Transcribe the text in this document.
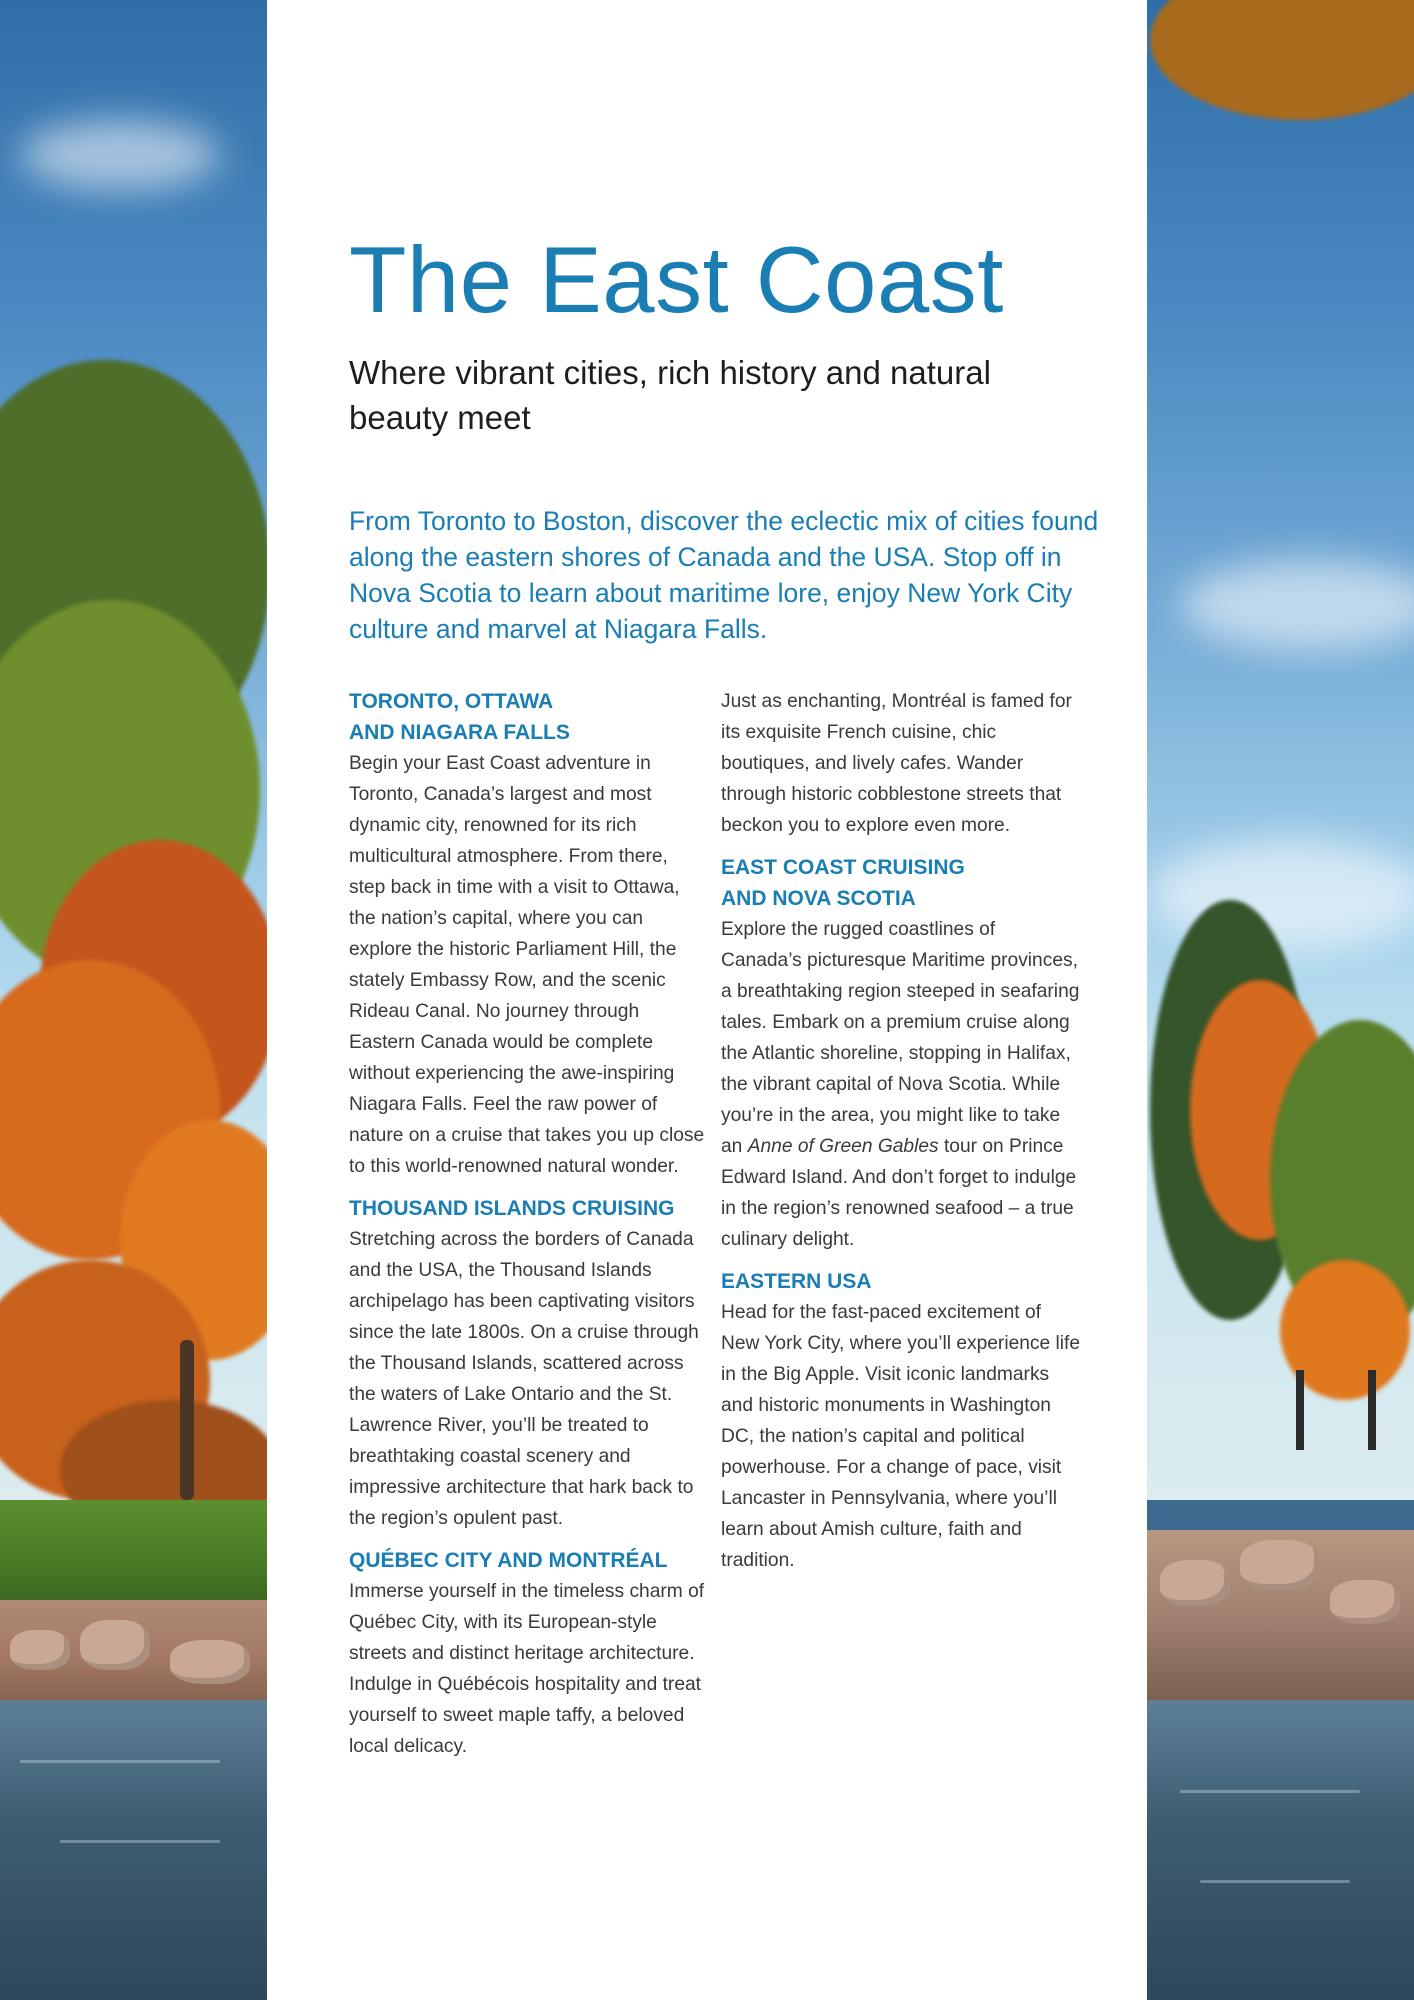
The East Coast
Where vibrant cities, rich history and natural beauty meet

From Toronto to Boston, discover the eclectic mix of cities found along the eastern shores of Canada and the USA. Stop off in Nova Scotia to learn about maritime lore, enjoy New York City culture and marvel at Niagara Falls.

TORONTO, OTTAWA
AND NIAGARA FALLS

Begin your East Coast adventure in Toronto, Canada’s largest and most dynamic city, renowned for its rich multicultural atmosphere. From there, step back in time with a visit to Ottawa, the nation’s capital, where you can explore the historic Parliament Hill, the stately Embassy Row, and the scenic Rideau Canal. No journey through Eastern Canada would be complete without experiencing the awe-inspiring Niagara Falls. Feel the raw power of nature on a cruise that takes you up close to this world-renowned natural wonder.

THOUSAND ISLANDS CRUISING

Stretching across the borders of Canada and the USA, the Thousand Islands archipelago has been captivating visitors since the late 1800s. On a cruise through the Thousand Islands, scattered across the waters of Lake Ontario and the St. Lawrence River, you’ll be treated to breathtaking coastal scenery and impressive architecture that hark back to the region’s opulent past.

QUÉBEC CITY AND MONTRÉAL

Immerse yourself in the timeless charm of Québec City, with its European-style streets and distinct heritage architecture. Indulge in Québécois hospitality and treat yourself to sweet maple taffy, a beloved local delicacy.

Just as enchanting, Montréal is famed for its exquisite French cuisine, chic boutiques, and lively cafes. Wander through historic cobblestone streets that beckon you to explore even more.

EAST COAST CRUISING
AND NOVA SCOTIA

Explore the rugged coastlines of Canada’s picturesque Maritime provinces, a breathtaking region steeped in seafaring tales. Embark on a premium cruise along the Atlantic shoreline, stopping in Halifax, the vibrant capital of Nova Scotia. While you’re in the area, you might like to take an Anne of Green Gables tour on Prince Edward Island. And don’t forget to indulge in the region’s renowned seafood – a true culinary delight.

EASTERN USA

Head for the fast-paced excitement of New York City, where you’ll experience life in the Big Apple. Visit iconic landmarks and historic monuments in Washington DC, the nation’s capital and political powerhouse. For a change of pace, visit Lancaster in Pennsylvania, where you’ll learn about Amish culture, faith and tradition.
